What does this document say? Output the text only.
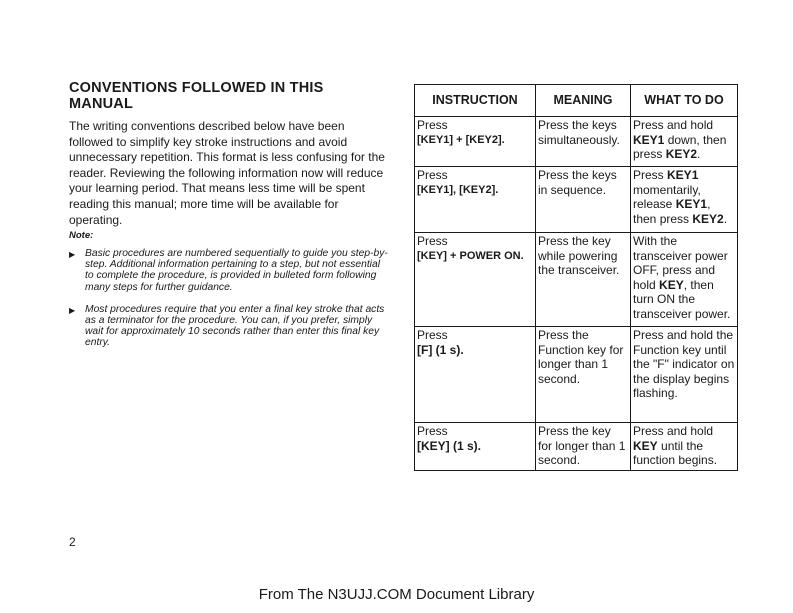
CONVENTIONS FOLLOWED IN THIS MANUAL
The writing conventions described below have been followed to simplify key stroke instructions and avoid unnecessary repetition. This format is less confusing for the reader. Reviewing the following information now will reduce your learning period. That means less time will be spent reading this manual; more time will be available for operating.
Note:
▶ Basic procedures are numbered sequentially to guide you step-by-step. Additional information pertaining to a step, but not essential to complete the procedure, is provided in bulleted form following many steps for further guidance.
▶ Most procedures require that you enter a final key stroke that acts as a terminator for the procedure. You can, if you prefer, simply wait for approximately 10 seconds rather than enter this final key entry.
INSTRUCTION	MEANING	WHAT TO DO

Press
[KEY1] + [KEY2].	Press the keys simultaneously.	Press and hold KEY1 down, then press KEY2.

Press
[KEY1], [KEY2].	Press the keys in sequence.	Press KEY1 momentarily, release KEY1, then press KEY2.

Press
[KEY] + POWER ON.	Press the key while powering the transceiver.	With the transceiver power OFF, press and hold KEY, then turn ON the transceiver power.

Press
[F] (1 s).	Press the Function key for longer than 1 second.	Press and hold the Function key until the "F" indicator on the display begins flashing.

Press
[KEY] (1 s).	Press the key for longer than 1 second.	Press and hold KEY until the function begins.
2
From The N3UJJ.COM Document Library
